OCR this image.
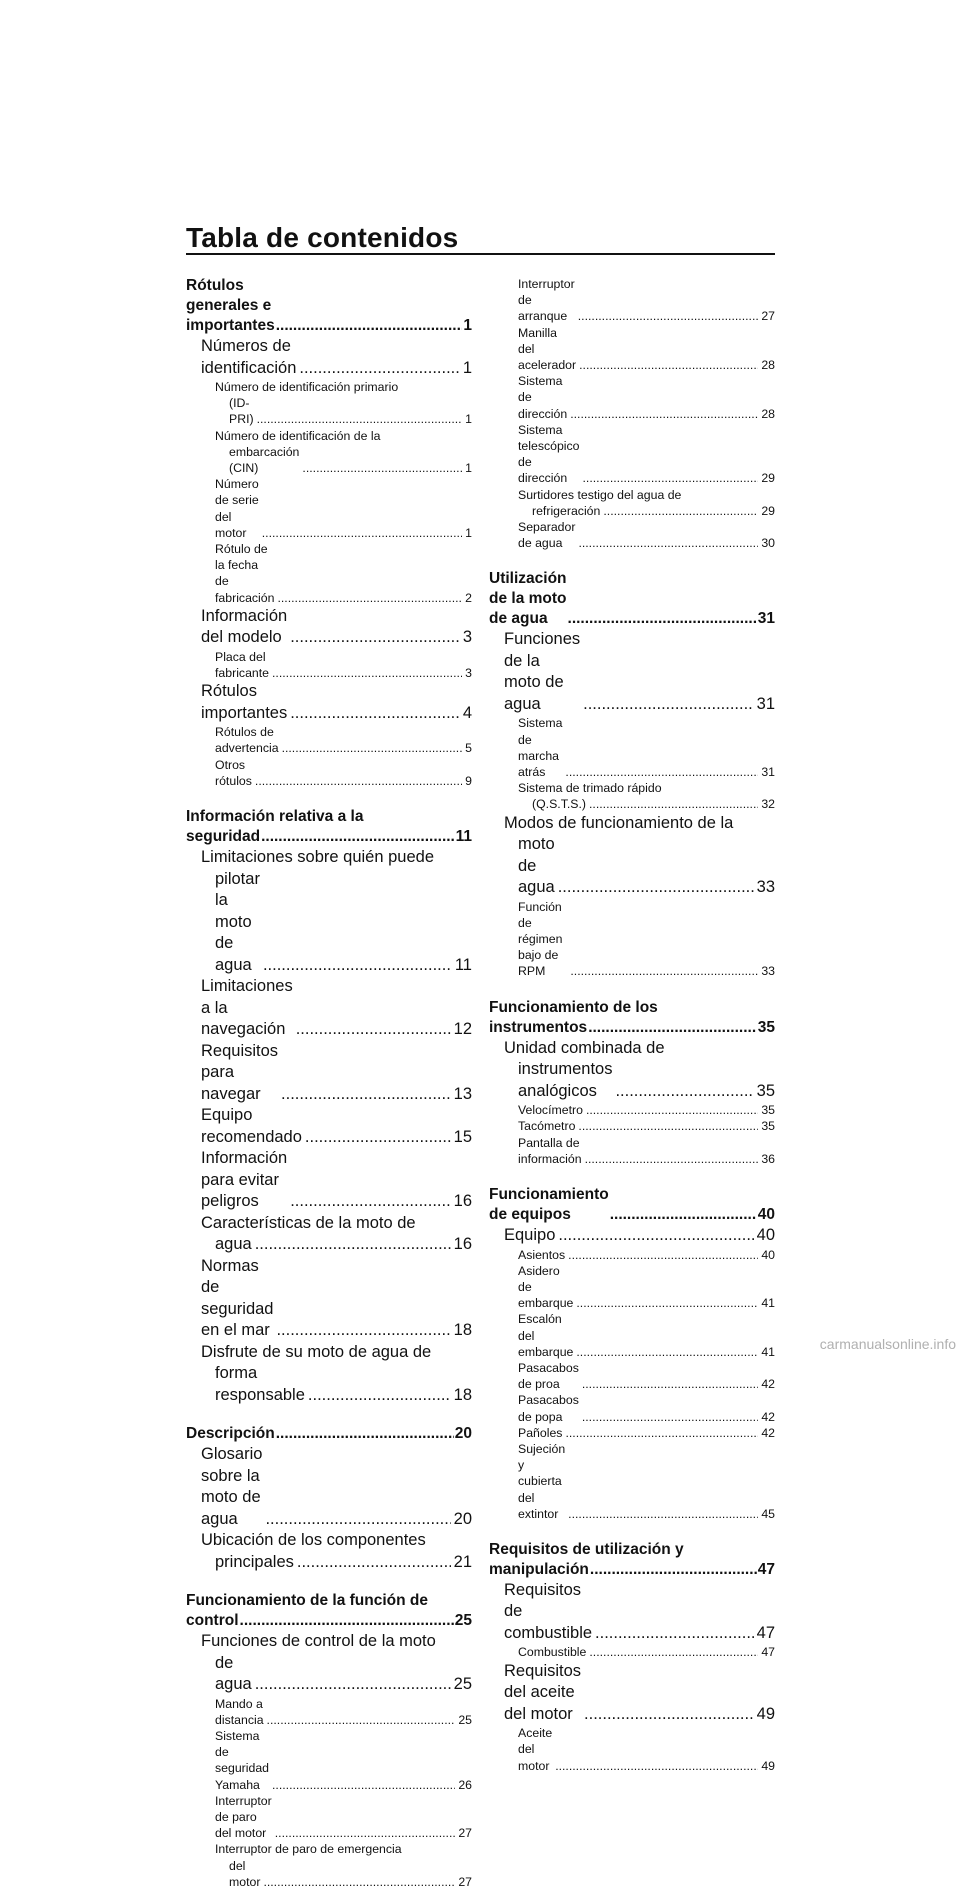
Tabla de contenidos
Rótulos generales e importantes .....	1
Números de identificación .....	1
Número de identificación primario
(ID-PRI) .....	1
Número de identificación de la
embarcación (CIN) .....	1
Número de serie del motor .....	1
Rótulo de la fecha de fabricación .....	2
Información del modelo .....	3
Placa del fabricante .....	3
Rótulos importantes .....	4
Rótulos de advertencia .....	5
Otros rótulos .....	9
Información relativa a la
seguridad .....	11
Limitaciones sobre quién puede
pilotar la moto de agua .....	11
Limitaciones a la navegación .....	12
Requisitos para navegar .....	13
Equipo recomendado .....	15
Información para evitar peligros .....	16
Características de la moto de
agua .....	16
Normas de seguridad en el mar .....	18
Disfrute de su moto de agua de
forma responsable .....	18
Descripción .....	20
Glosario sobre la moto de agua .....	20
Ubicación de los componentes
principales .....	21
Funcionamiento de la función de
control .....	25
Funciones de control de la moto
de agua .....	25
Mando a distancia .....	25
Sistema de seguridad Yamaha .....	26
Interruptor de paro del motor .....	27
Interruptor de paro de emergencia
del motor .....	27
Interruptor de arranque .....	27
Manilla del acelerador .....	28
Sistema de dirección .....	28
Sistema telescópico de dirección .....	29
Surtidores testigo del agua de
refrigeración .....	29
Separador de agua .....	30
Utilización de la moto de agua .....	31
Funciones de la moto de agua .....	31
Sistema de marcha atrás .....	31
Sistema de trimado rápido
(Q.S.T.S.) .....	32
Modos de funcionamiento de la
moto de agua .....	33
Función de régimen bajo de RPM .....	33
Funcionamiento de los
instrumentos .....	35
Unidad combinada de
instrumentos analógicos .....	35
Velocímetro .....	35
Tacómetro .....	35
Pantalla de información .....	36
Funcionamiento de equipos .....	40
Equipo .....	40
Asientos .....	40
Asidero de embarque .....	41
Escalón del embarque .....	41
Pasacabos de proa .....	42
Pasacabos de popa .....	42
Pañoles .....	42
Sujeción y cubierta del extintor .....	45
Requisitos de utilización y
manipulación .....	47
Requisitos de combustible .....	47
Combustible .....	47
Requisitos del aceite del motor .....	49
Aceite del motor .....	49
carmanualsonline.info
